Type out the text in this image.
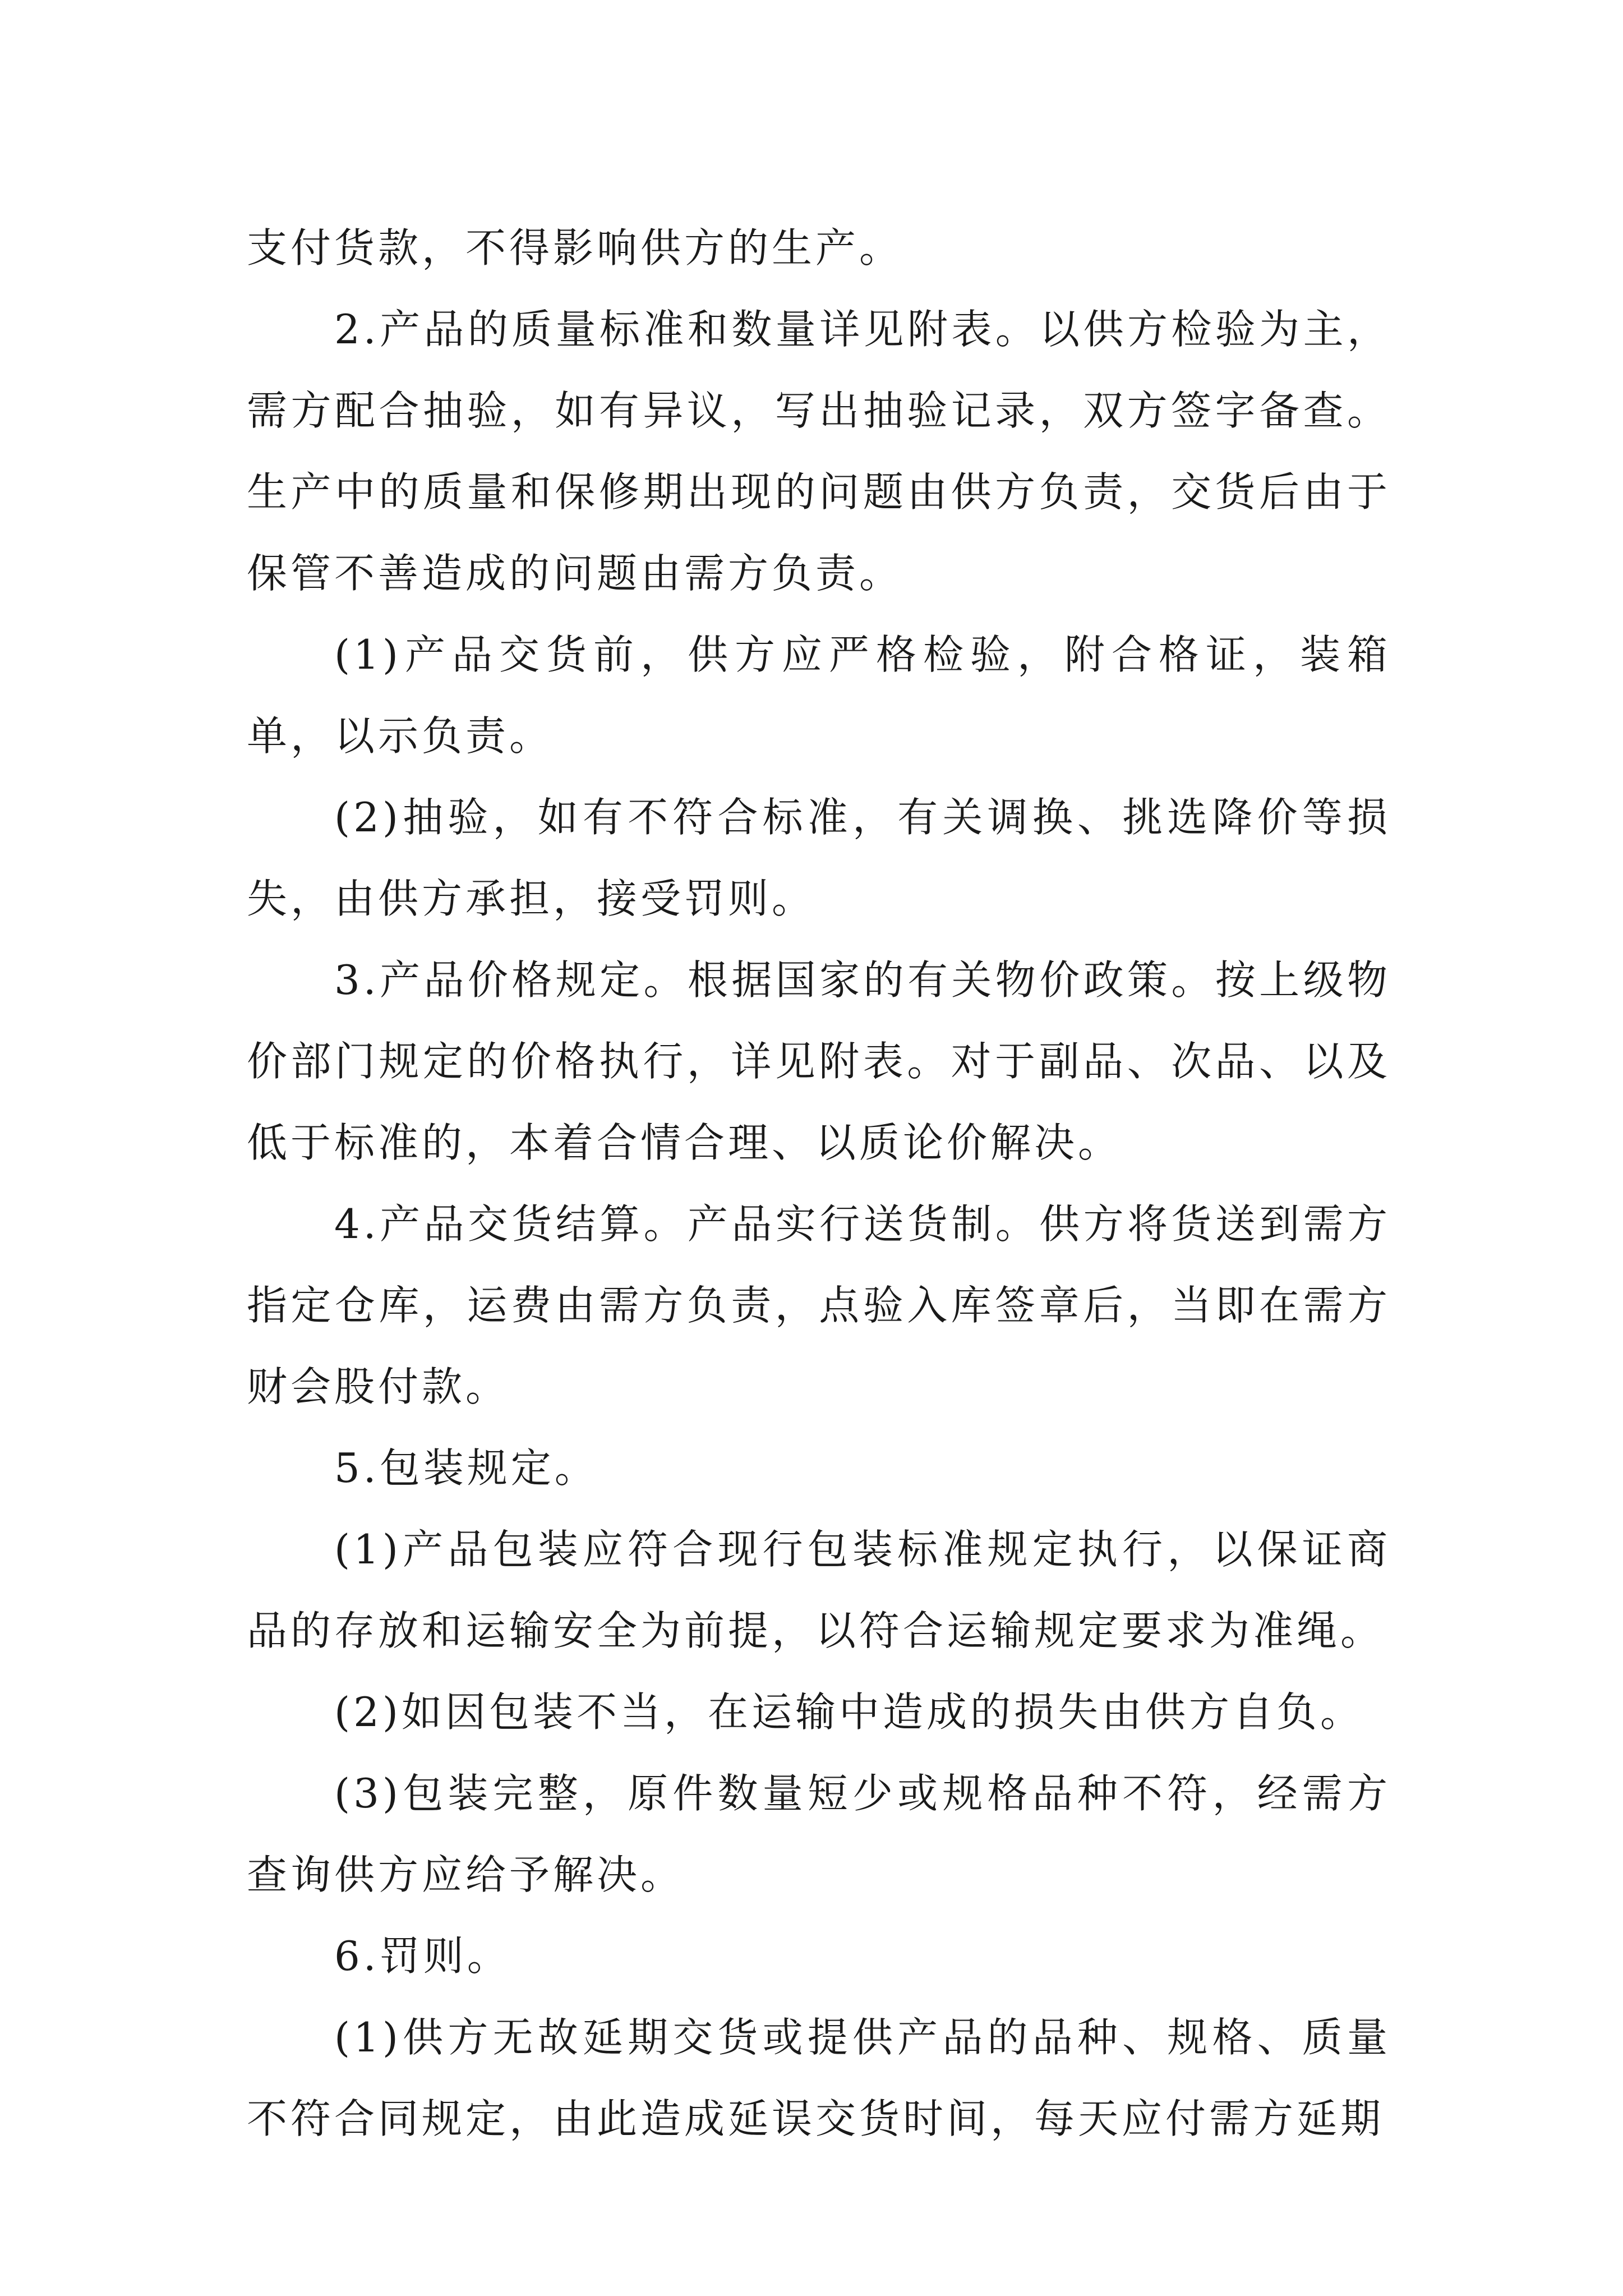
支付货款，不得影响供方的生产。

2.产品的质量标准和数量详见附表。以供方检验为主，需方配合抽验，如有异议，写出抽验记录，双方签字备查。生产中的质量和保修期出现的问题由供方负责，交货后由于保管不善造成的问题由需方负责。

(1)产品交货前，供方应严格检验，附合格证，装箱单，以示负责。

(2)抽验，如有不符合标准，有关调换、挑选降价等损失，由供方承担，接受罚则。

3.产品价格规定。根据国家的有关物价政策。按上级物价部门规定的价格执行，详见附表。对于副品、次品、以及低于标准的，本着合情合理、以质论价解决。

4.产品交货结算。产品实行送货制。供方将货送到需方指定仓库，运费由需方负责，点验入库签章后，当即在需方财会股付款。

5.包装规定。

(1)产品包装应符合现行包装标准规定执行，以保证商品的存放和运输安全为前提，以符合运输规定要求为准绳。

(2)如因包装不当，在运输中造成的损失由供方自负。

(3)包装完整，原件数量短少或规格品种不符，经需方查询供方应给予解决。

6.罚则。

(1)供方无故延期交货或提供产品的品种、规格、质量不符合同规定，由此造成延误交货时间，每天应付需方延期
